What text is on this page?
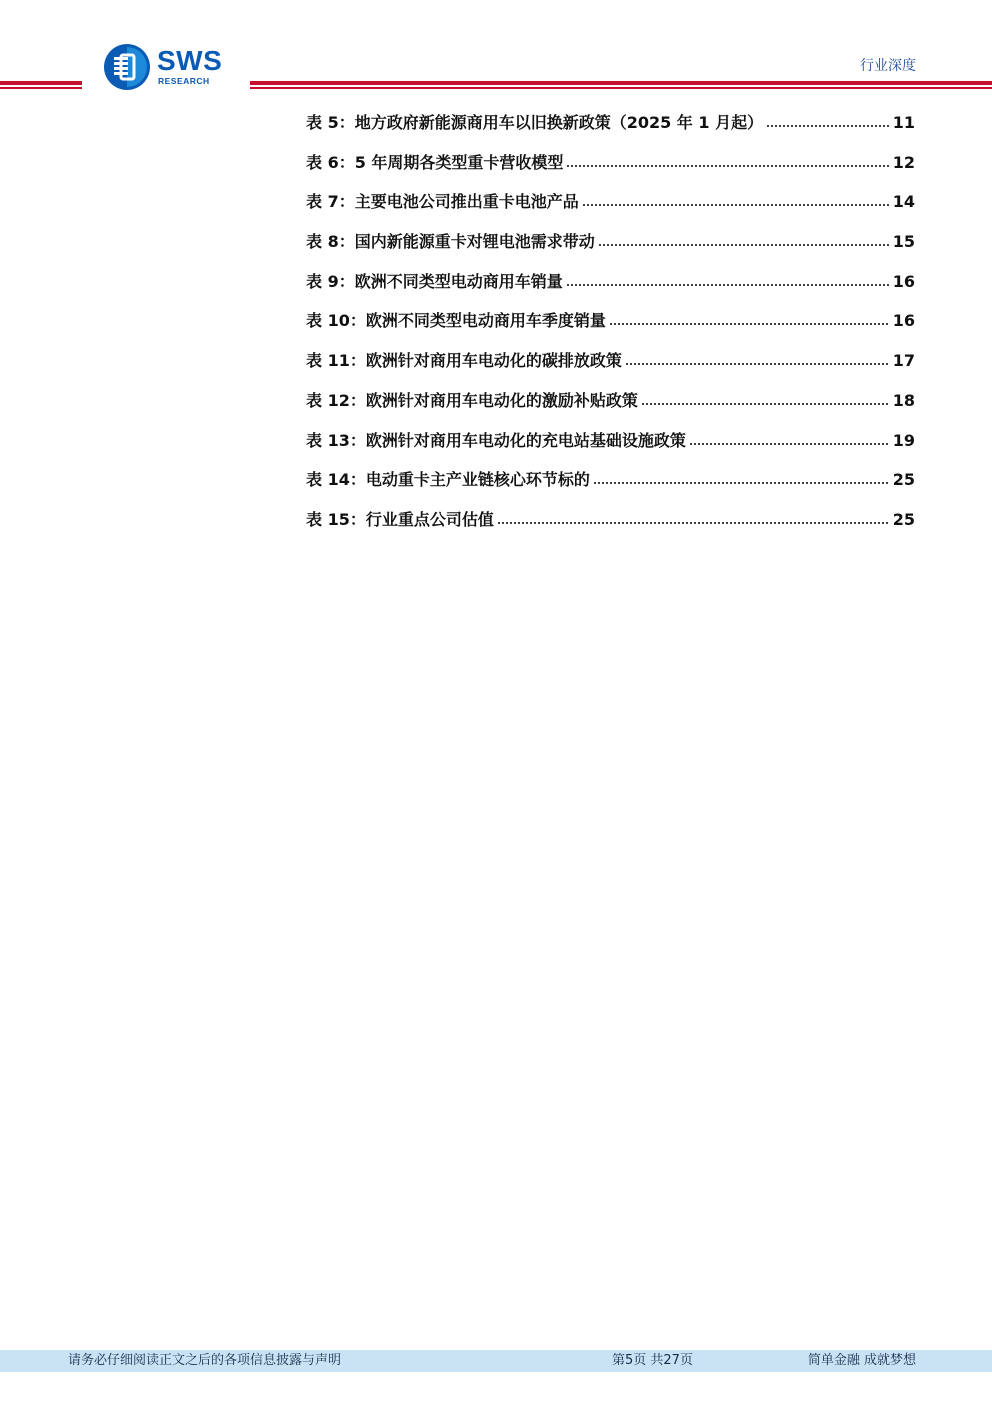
SWS
RESEARCH
行业深度
表 5：地方政府新能源商用车以旧换新政策（2025 年 1 月起）	11
表 6：5 年周期各类型重卡营收模型	12
表 7：主要电池公司推出重卡电池产品	14
表 8：国内新能源重卡对锂电池需求带动	15
表 9：欧洲不同类型电动商用车销量	16
表 10：欧洲不同类型电动商用车季度销量	16
表 11：欧洲针对商用车电动化的碳排放政策	17
表 12：欧洲针对商用车电动化的激励补贴政策	18
表 13：欧洲针对商用车电动化的充电站基础设施政策	19
表 14：电动重卡主产业链核心环节标的	25
表 15：行业重点公司估值	25
请务必仔细阅读正文之后的各项信息披露与声明	第5页 共27页	简单金融 成就梦想
